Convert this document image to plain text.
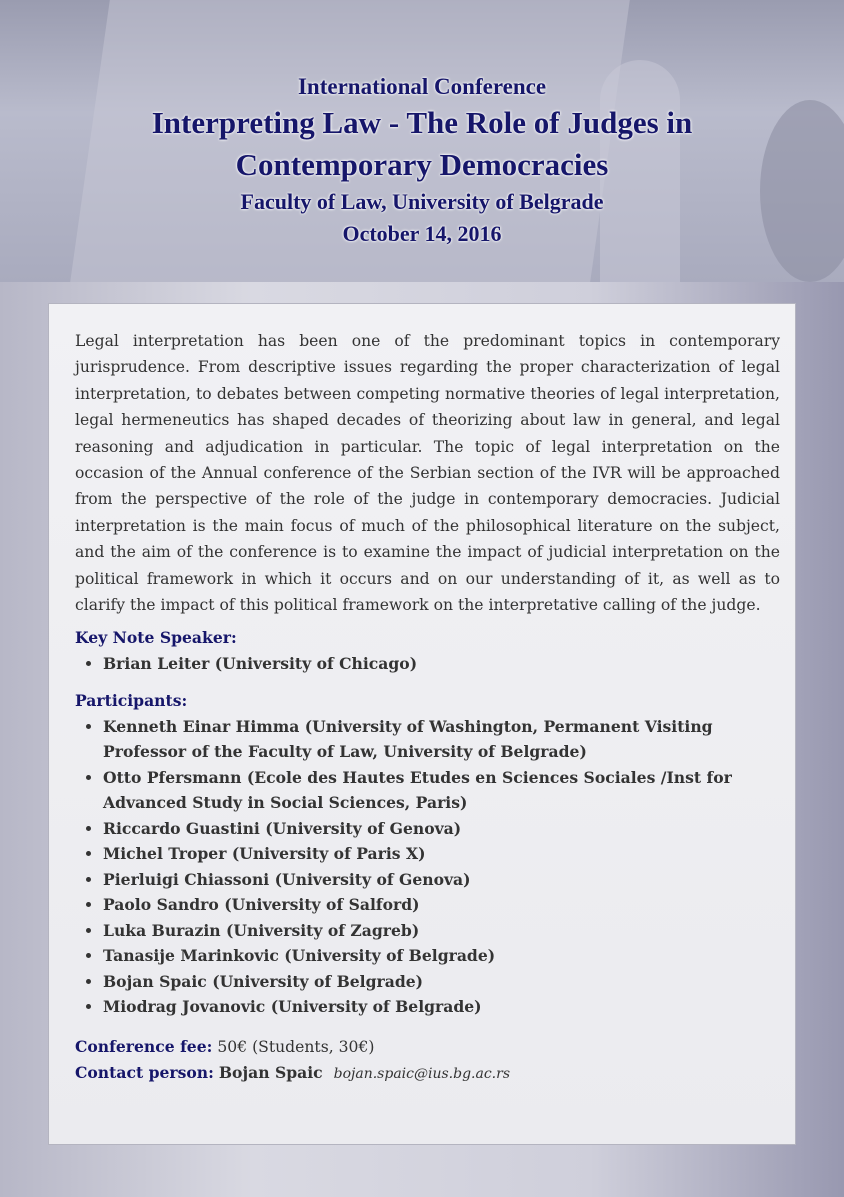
International Conference
Interpreting Law - The Role of Judges in
Contemporary Democracies
Faculty of Law, University of Belgrade
October 14, 2016

Legal interpretation has been one of the predominant topics in contemporary jurisprudence. From descriptive issues regarding the proper characterization of legal interpretation, to debates between competing normative theories of legal interpretation, legal hermeneutics has shaped decades of theorizing about law in general, and legal reasoning and adjudication in particular. The topic of legal interpretation on the occasion of the Annual conference of the Serbian section of the IVR will be approached from the perspective of the role of the judge in contemporary democracies. Judicial interpretation is the main focus of much of the philosophical literature on the subject, and the aim of the conference is to examine the impact of judicial interpretation on the political framework in which it occurs and on our understanding of it, as well as to clarify the impact of this political framework on the interpretative calling of the judge.

Key Note Speaker:
• Brian Leiter (University of Chicago)
Participants:
• Kenneth Einar Himma (University of Washington, Permanent Visiting Professor of the Faculty of Law, University of Belgrade)
• Otto Pfersmann (Ecole des Hautes Etudes en Sciences Sociales /Inst for Advanced Study in Social Sciences, Paris)
• Riccardo Guastini (University of Genova)
• Michel Troper (University of Paris X)
• Pierluigi Chiassoni (University of Genova)
• Paolo Sandro (University of Salford)
• Luka Burazin (University of Zagreb)
• Tanasije Marinkovic (University of Belgrade)
• Bojan Spaic (University of Belgrade)
• Miodrag Jovanovic (University of Belgrade)
Conference fee: 50€ (Students, 30€)
Contact person: Bojan Spaic bojan.spaic@ius.bg.ac.rs
